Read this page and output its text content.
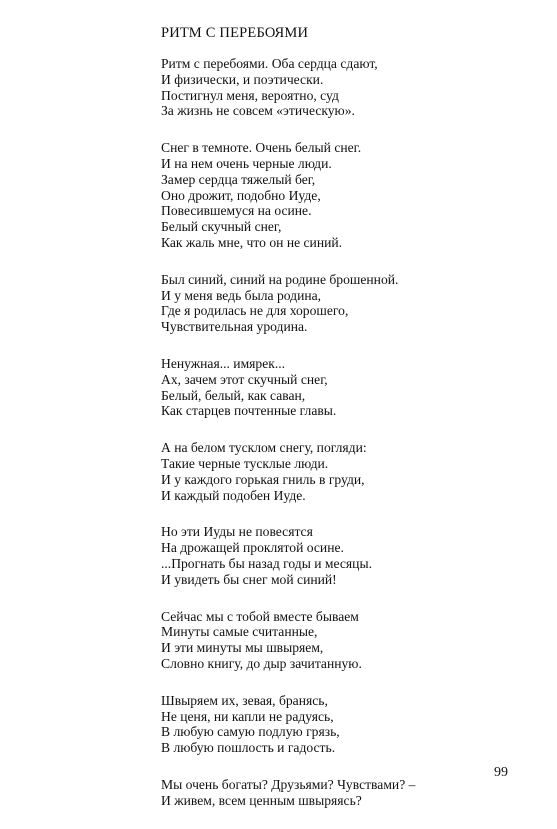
РИТМ С ПЕРЕБОЯМИ
Ритм с перебоями. Оба сердца сдают,
И физически, и поэтически.
Постигнул меня, вероятно, суд
За жизнь не совсем «этическую».
Снег в темноте. Очень белый снег.
И на нем очень черные люди.
Замер сердца тяжелый бег,
Оно дрожит, подобно Иуде,
Повесившемуся на осине.
Белый скучный снег,
Как жаль мне, что он не синий.
Был синий, синий на родине брошенной.
И у меня ведь была родина,
Где я родилась не для хорошего,
Чувствительная уродина.
Ненужная... имярек...
Ах, зачем этот скучный снег,
Белый, белый, как саван,
Как старцев почтенные главы.
А на белом тусклом снегу, погляди:
Такие черные тусклые люди.
И у каждого горькая гниль в груди,
И каждый подобен Иуде.
Но эти Иуды не повесятся
На дрожащей проклятой осине.
...Прогнать бы назад годы и месяцы.
И увидеть бы снег мой синий!
Сейчас мы с тобой вместе бываем
Минуты самые считанные,
И эти минуты мы швыряем,
Словно книгу, до дыр зачитанную.
Швыряем их, зевая, бранясь,
Не ценя, ни капли не радуясь,
В любую самую подлую грязь,
В любую пошлость и гадость.
Мы очень богаты? Друзьями? Чувствами? –
И живем, всем ценным швыряясь?
99
